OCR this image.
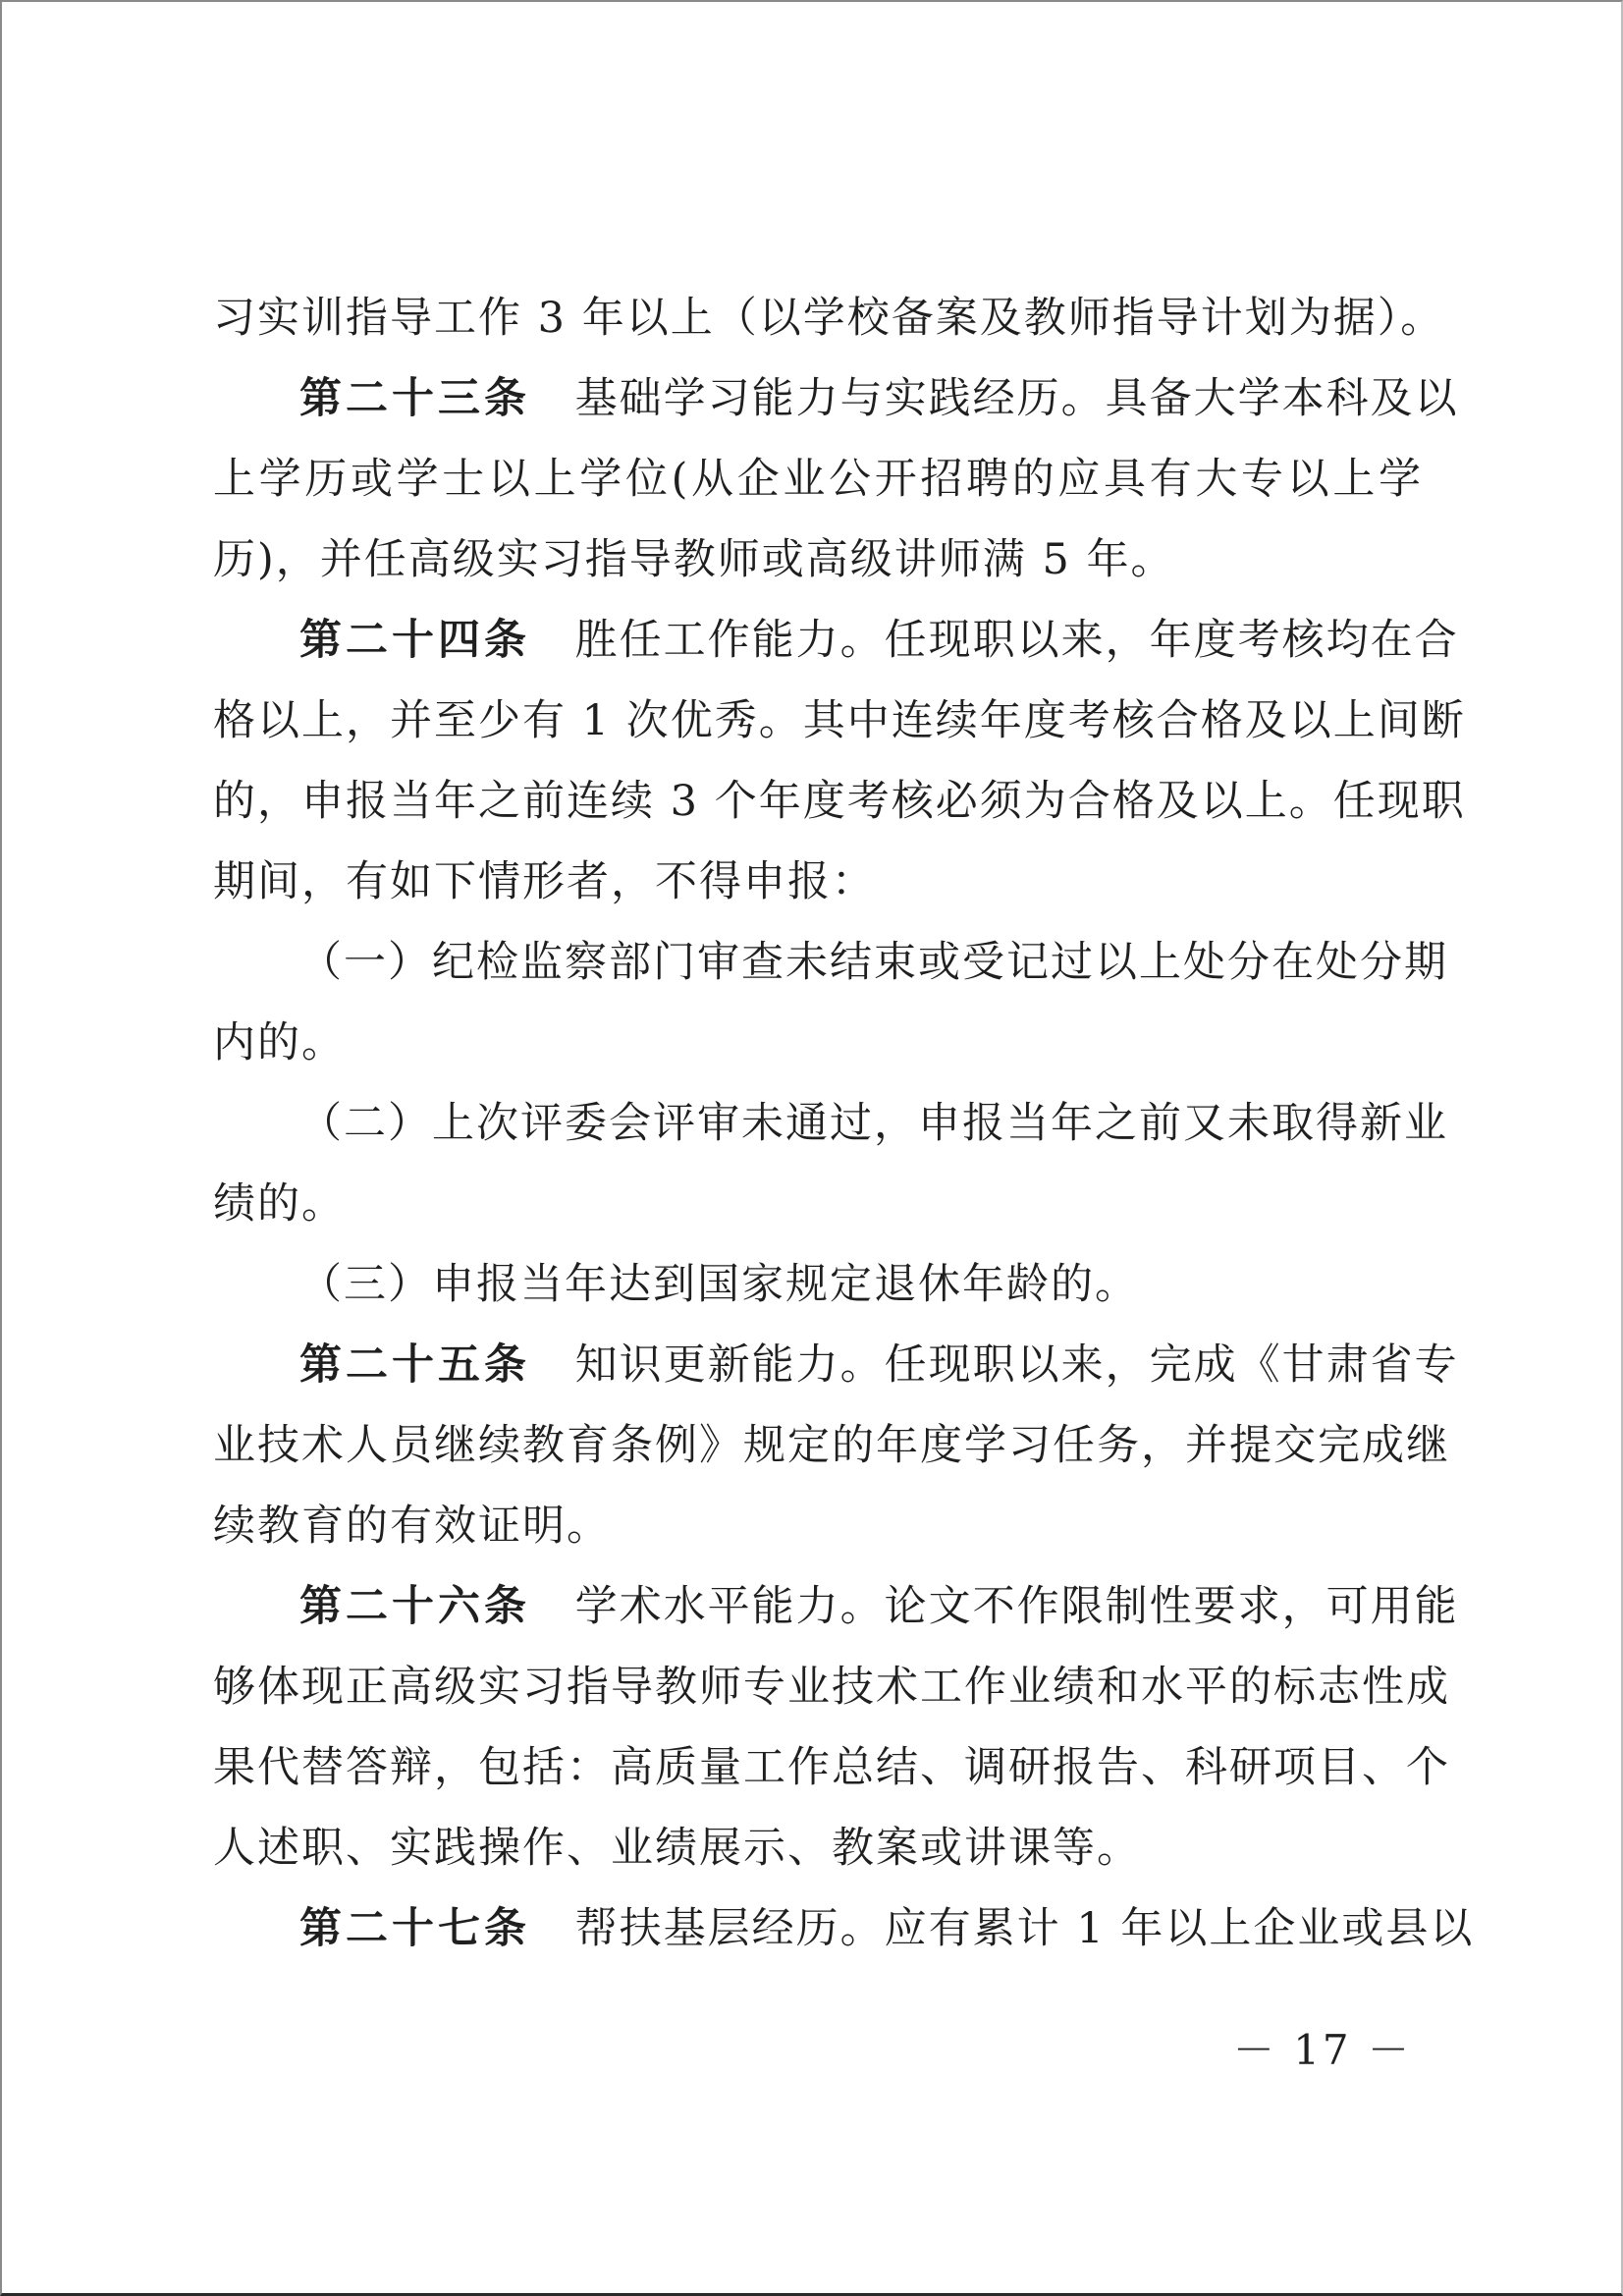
习实训指导工作 3 年以上（以学校备案及教师指导计划为据）。
第二十三条 基础学习能力与实践经历。具备大学本科及以
上学历或学士以上学位(从企业公开招聘的应具有大专以上学
历)，并任高级实习指导教师或高级讲师满 5 年。
第二十四条 胜任工作能力。任现职以来，年度考核均在合
格以上，并至少有 1 次优秀。其中连续年度考核合格及以上间断
的，申报当年之前连续 3 个年度考核必须为合格及以上。任现职
期间，有如下情形者，不得申报：
（一）纪检监察部门审查未结束或受记过以上处分在处分期
内的。
（二）上次评委会评审未通过，申报当年之前又未取得新业
绩的。
（三）申报当年达到国家规定退休年龄的。
第二十五条 知识更新能力。任现职以来，完成《甘肃省专
业技术人员继续教育条例》规定的年度学习任务，并提交完成继
续教育的有效证明。
第二十六条 学术水平能力。论文不作限制性要求，可用能
够体现正高级实习指导教师专业技术工作业绩和水平的标志性成
果代替答辩，包括：高质量工作总结、调研报告、科研项目、个
人述职、实践操作、业绩展示、教案或讲课等。
第二十七条 帮扶基层经历。应有累计 1 年以上企业或县以
－ 17 －
